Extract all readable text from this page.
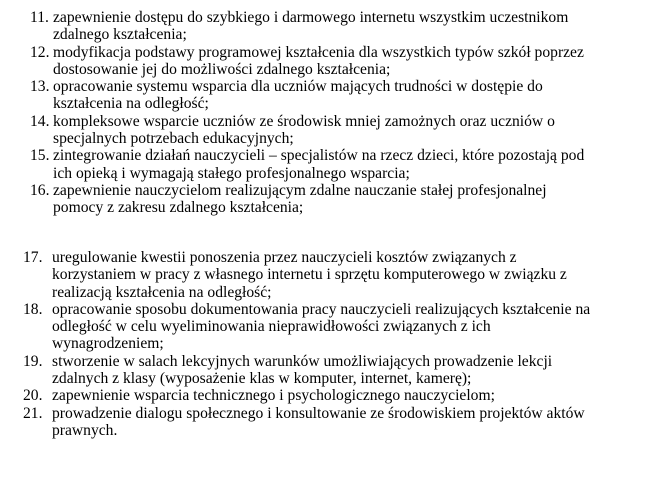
11. zapewnienie dostępu do szybkiego i darmowego internetu wszystkim uczestnikom
zdalnego kształcenia;
12. modyfikacja podstawy programowej kształcenia dla wszystkich typów szkół poprzez
dostosowanie jej do możliwości zdalnego kształcenia;
13. opracowanie systemu wsparcia dla uczniów mających trudności w dostępie do
kształcenia na odległość;
14. kompleksowe wsparcie uczniów ze środowisk mniej zamożnych oraz uczniów o
specjalnych potrzebach edukacyjnych;
15. zintegrowanie działań nauczycieli – specjalistów na rzecz dzieci, które pozostają pod
ich opieką i wymagają stałego profesjonalnego wsparcia;
16. zapewnienie nauczycielom realizującym zdalne nauczanie stałej profesjonalnej
pomocy z zakresu zdalnego kształcenia;
17. uregulowanie kwestii ponoszenia przez nauczycieli kosztów związanych z
korzystaniem w pracy z własnego internetu i sprzętu komputerowego w związku z
realizacją kształcenia na odległość;
18. opracowanie sposobu dokumentowania pracy nauczycieli realizujących kształcenie na
odległość w celu wyeliminowania nieprawidłowości związanych z ich
wynagrodzeniem;
19. stworzenie w salach lekcyjnych warunków umożliwiających prowadzenie lekcji
zdalnych z klasy (wyposażenie klas w komputer, internet, kamerę);
20. zapewnienie wsparcia technicznego i psychologicznego nauczycielom;
21. prowadzenie dialogu społecznego i konsultowanie ze środowiskiem projektów aktów
prawnych.
